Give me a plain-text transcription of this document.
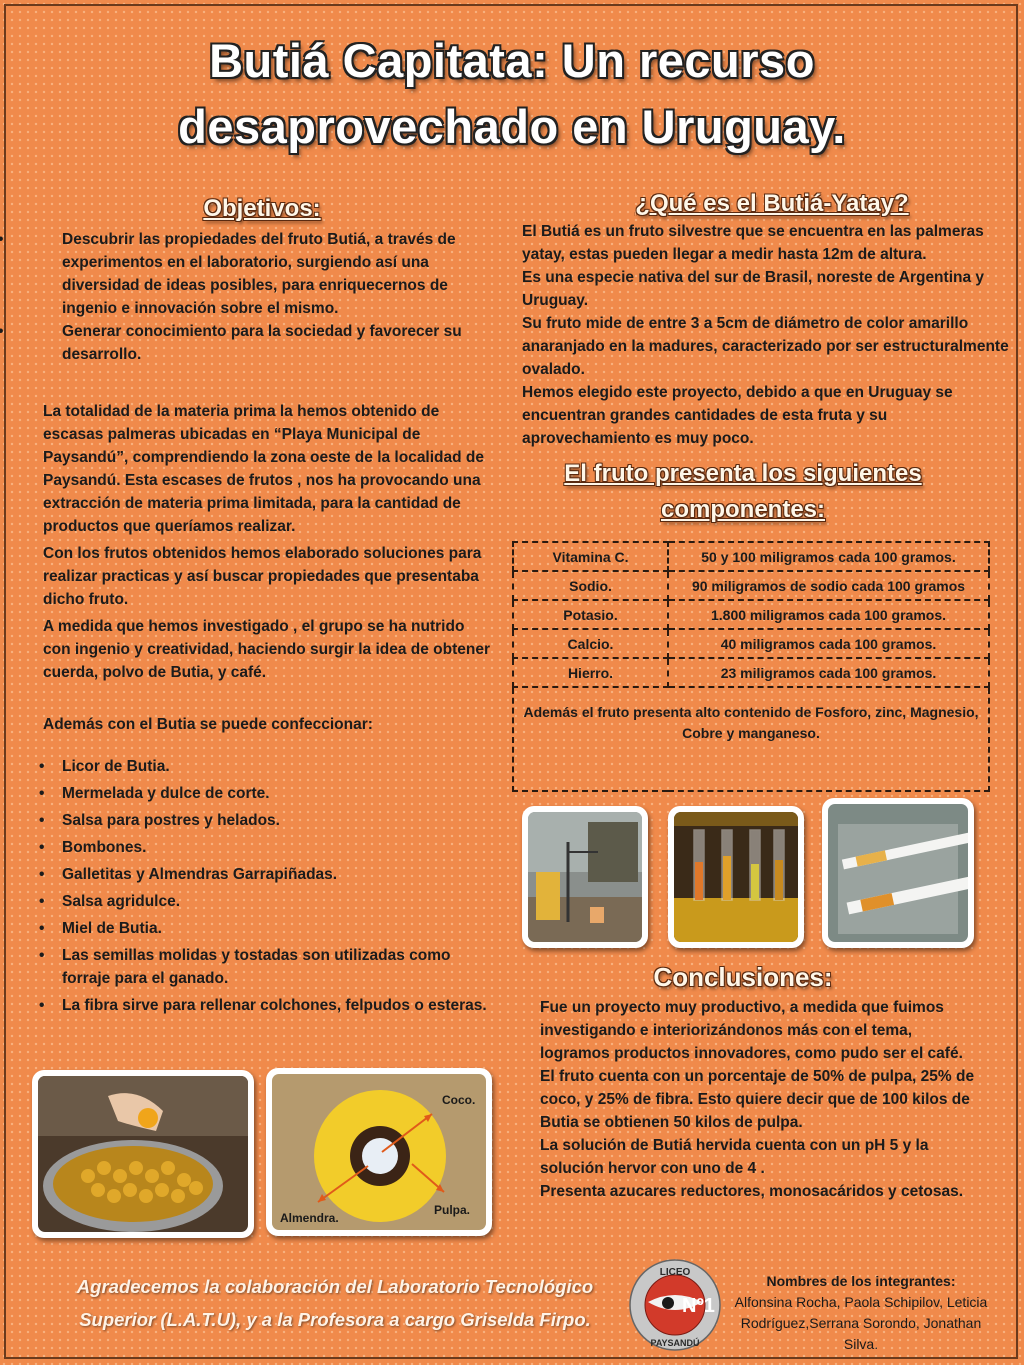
Butiá Capitata: Un recurso desaprovechado en Uruguay.
Objetivos:
• Descubrir las propiedades del fruto Butiá, a través de experimentos en el laboratorio, surgiendo así una diversidad de ideas posibles, para enriquecernos de ingenio e innovación sobre el mismo.
• Generar conocimiento para la sociedad y favorecer su desarrollo.

La totalidad de la materia prima la hemos obtenido de escasas palmeras ubicadas en “Playa Municipal de Paysandú”, comprendiendo la zona oeste de la localidad de Paysandú. Esta escases de frutos , nos ha provocando una extracción de materia prima limitada, para la cantidad de productos que queríamos realizar.

Con los frutos obtenidos hemos elaborado soluciones para realizar practicas y así buscar propiedades que presentaba dicho fruto.

A medida que hemos investigado , el grupo se ha nutrido con ingenio y creatividad, haciendo surgir la idea de obtener cuerda, polvo de Butia, y café.

Además con el Butia se puede confeccionar:

• Licor de Butia.
• Mermelada y dulce de corte.
• Salsa para postres y helados.
• Bombones.
• Galletitas y Almendras Garrapiñadas.
• Salsa agridulce.
• Miel de Butia.
• Las semillas molidas y tostadas son utilizadas como forraje para el ganado.
• La fibra sirve para rellenar colchones, felpudos o esteras.
Coco.
Pulpa.
Almendra.
¿Qué es el Butiá-Yatay?

El Butiá es un fruto silvestre que se encuentra en las palmeras yatay, estas pueden llegar a medir hasta 12m de altura.

Es una especie nativa del sur de Brasil, noreste de Argentina y Uruguay.

Su fruto mide de entre 3 a 5cm de diámetro de color amarillo anaranjado en la madures, caracterizado por ser estructuralmente ovalado.

Hemos elegido este proyecto, debido a que en Uruguay se encuentran grandes cantidades de esta fruta y su aprovechamiento es muy poco.

El fruto presenta los siguientes componentes:
Vitamina C.	50 y 100 miligramos cada 100 gramos.
Sodio.	90 miligramos de sodio cada 100 gramos
Potasio.	1.800 miligramos cada 100 gramos.
Calcio.	40 miligramos cada 100 gramos.
Hierro.	23 miligramos cada 100 gramos.
Además el fruto presenta alto contenido de Fosforo, zinc, Magnesio, Cobre y manganeso.	
Conclusiones:

Fue un proyecto muy productivo, a medida que fuimos investigando e interiorizándonos más con el tema, logramos productos innovadores, como pudo ser el café.

El fruto cuenta con un porcentaje de 50% de pulpa, 25% de coco, y 25% de fibra. Esto quiere decir que de 100 kilos de Butia se obtienen 50 kilos de pulpa.

La solución de Butiá hervida cuenta con un pH 5 y la solución hervor con uno de 4 .

Presenta azucares reductores, monosacáridos y cetosas.

Agradecemos la colaboración del Laboratorio Tecnológico Superior (L.A.T.U), y a la Profesora a cargo Griselda Firpo.

Nº1
LICEO
PAYSANDÚ
Nombres de los integrantes:
Alfonsina Rocha, Paola Schipilov, Leticia Rodríguez,Serrana Sorondo, Jonathan Silva.
